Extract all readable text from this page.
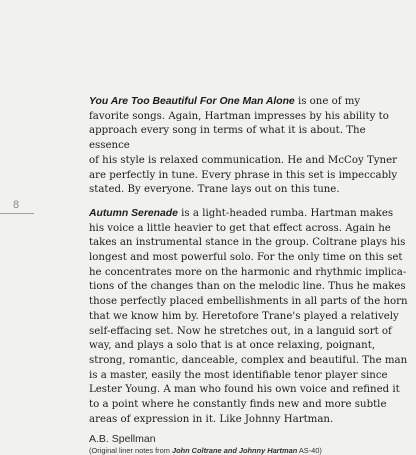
8

You Are Too Beautiful For One Man Alone is one of my
favorite songs. Again, Hartman impresses by his ability to
approach every song in terms of what it is about. The essence
of his style is relaxed communication. He and McCoy Tyner
are perfectly in tune. Every phrase in this set is impeccably
stated. By everyone. Trane lays out on this tune.

Autumn Serenade is a light-headed rumba. Hartman makes
his voice a little heavier to get that effect across. Again he
takes an instrumental stance in the group. Coltrane plays his
longest and most powerful solo. For the only time on this set
he concentrates more on the harmonic and rhythmic implica-
tions of the changes than on the melodic line. Thus he makes
those perfectly placed embellishments in all parts of the horn
that we know him by. Heretofore Trane's played a relatively
self-effacing set. Now he stretches out, in a languid sort of
way, and plays a solo that is at once relaxing, poignant,
strong, romantic, danceable, complex and beautiful. The man
is a master, easily the most identifiable tenor player since
Lester Young. A man who found his own voice and refined it
to a point where he constantly finds new and more subtle
areas of expression in it. Like Johnny Hartman.

A.B. Spellman
(Original liner notes from John Coltrane and Johnny Hartman AS-40)
